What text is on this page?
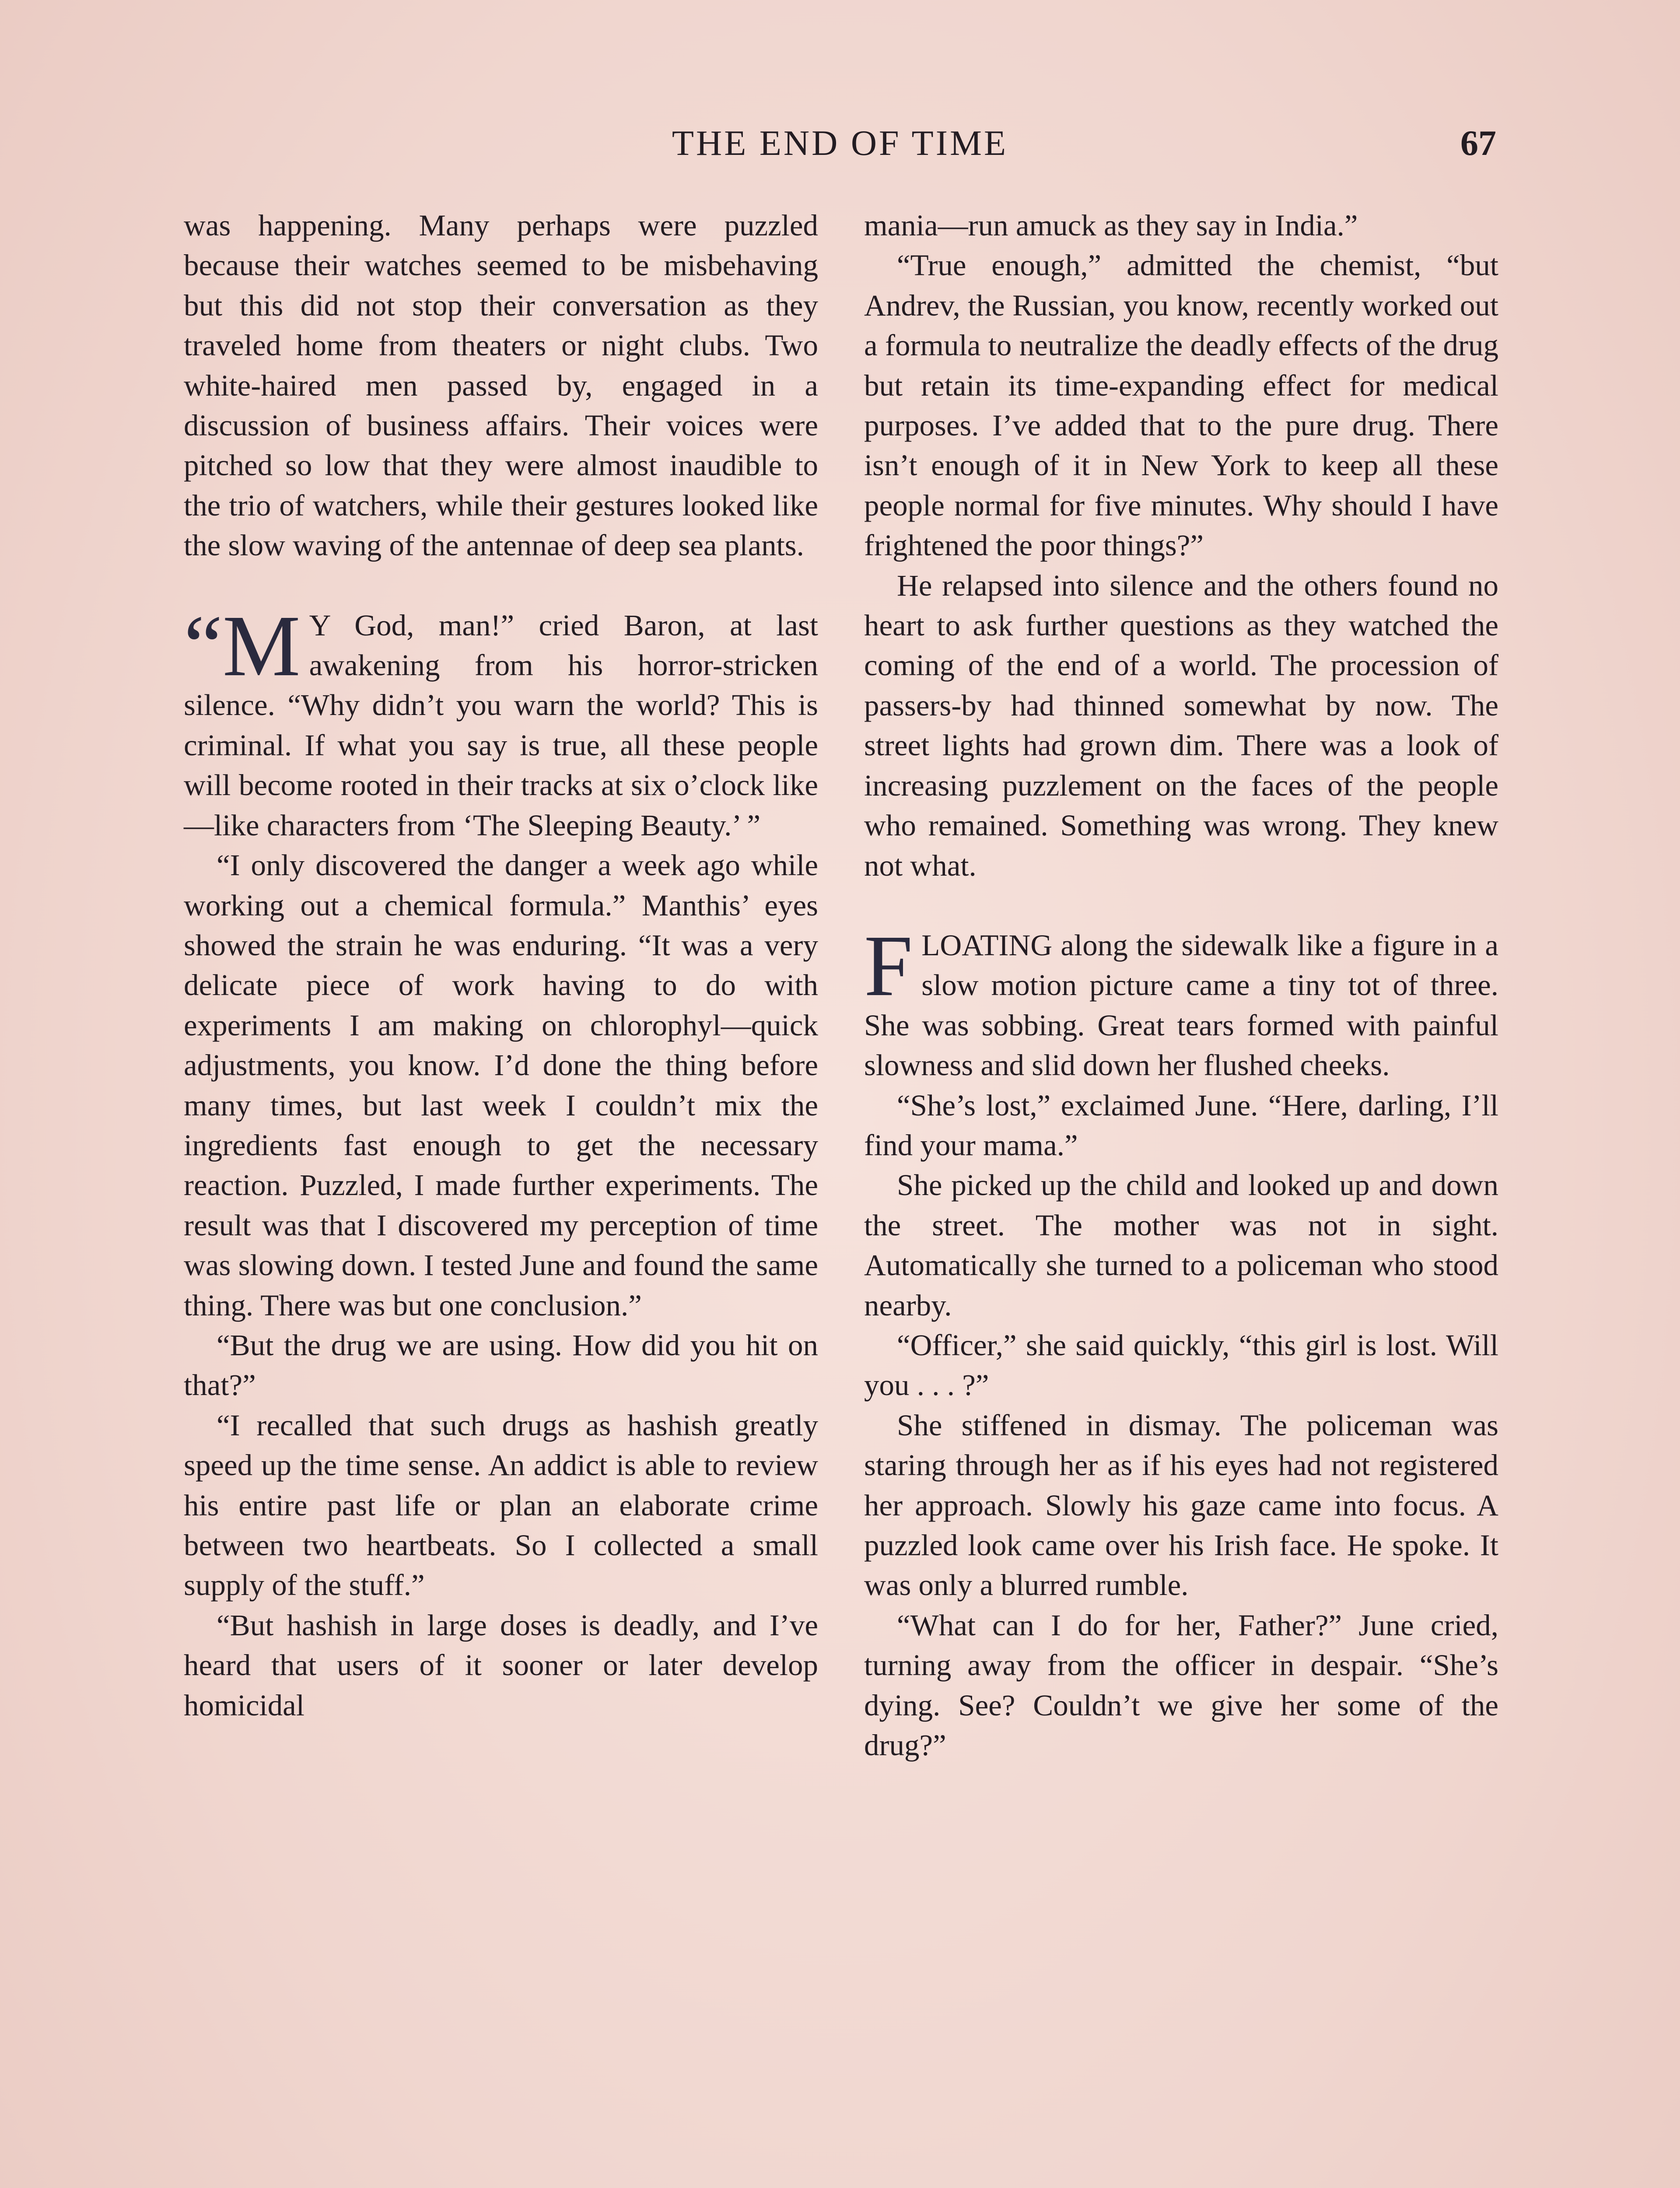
THE END OF TIME	67

was happening. Many perhaps were puzzled because their watches seemed to be misbehaving but this did not stop their conversation as they traveled home from theaters or night clubs. Two white-haired men passed by, engaged in a discussion of business affairs. Their voices were pitched so low that they were almost inaudible to the trio of watchers, while their gestures looked like the slow waving of the antennae of deep sea plants.

“M Y God, man!” cried Baron, at last awakening from his horror-stricken silence. “Why didn’t you warn the world? This is criminal. If what you say is true, all these people will become rooted in their tracks at six o’clock like—like characters from ‘The Sleeping Beauty.’ ”

“I only discovered the danger a week ago while working out a chemical formula.” Manthis’ eyes showed the strain he was enduring. “It was a very delicate piece of work having to do with experiments I am making on chlorophyl—quick adjustments, you know. I’d done the thing before many times, but last week I couldn’t mix the ingredients fast enough to get the necessary reaction. Puzzled, I made further experiments. The result was that I discovered my perception of time was slowing down. I tested June and found the same thing. There was but one conclusion.”

“But the drug we are using. How did you hit on that?”

“I recalled that such drugs as hashish greatly speed up the time sense. An addict is able to review his entire past life or plan an elaborate crime between two heartbeats. So I collected a small supply of the stuff.”

“But hashish in large doses is deadly, and I’ve heard that users of it sooner or later develop homicidal

mania—run amuck as they say in India.”

“True enough,” admitted the chemist, “but Andrev, the Russian, you know, recently worked out a formula to neutralize the deadly effects of the drug but retain its time-expanding effect for medical purposes. I’ve added that to the pure drug. There isn’t enough of it in New York to keep all these people normal for five minutes. Why should I have frightened the poor things?”

He relapsed into silence and the others found no heart to ask further questions as they watched the coming of the end of a world. The procession of passers-by had thinned somewhat by now. The street lights had grown dim. There was a look of increasing puzzlement on the faces of the people who remained. Something was wrong. They knew not what.

F LOATING along the sidewalk like a figure in a slow motion picture came a tiny tot of three. She was sobbing. Great tears formed with painful slowness and slid down her flushed cheeks.

“She’s lost,” exclaimed June. “Here, darling, I’ll find your mama.”

She picked up the child and looked up and down the street. The mother was not in sight. Automatically she turned to a policeman who stood nearby.

“Officer,” she said quickly, “this girl is lost. Will you . . . ?”

She stiffened in dismay. The policeman was staring through her as if his eyes had not registered her approach. Slowly his gaze came into focus. A puzzled look came over his Irish face. He spoke. It was only a blurred rumble.

“What can I do for her, Father?” June cried, turning away from the officer in despair. “She’s dying. See? Couldn’t we give her some of the drug?”
